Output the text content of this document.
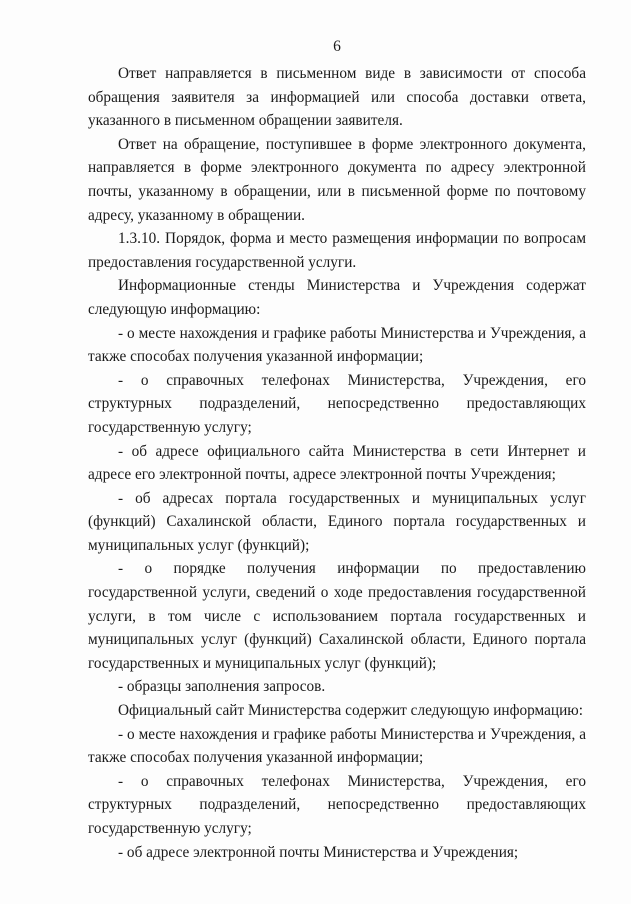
6

Ответ направляется в письменном виде в зависимости от способа обращения заявителя за информацией или способа доставки ответа, указанного в письменном обращении заявителя.

Ответ на обращение, поступившее в форме электронного документа, направляется в форме электронного документа по адресу электронной почты, указанному в обращении, или в письменной форме по почтовому адресу, указанному в обращении.

1.3.10. Порядок, форма и место размещения информации по вопросам предоставления государственной услуги.

Информационные стенды Министерства и Учреждения содержат следующую информацию:

- о месте нахождения и графике работы Министерства и Учреждения, а также способах получения указанной информации;

- о справочных телефонах Министерства, Учреждения, его структурных подразделений, непосредственно предоставляющих государственную услугу;

- об адресе официального сайта Министерства в сети Интернет и адресе его электронной почты, адресе электронной почты Учреждения;

- об адресах портала государственных и муниципальных услуг (функций) Сахалинской области, Единого портала государственных и муниципальных услуг (функций);

- о порядке получения информации по предоставлению государственной услуги, сведений о ходе предоставления государственной услуги, в том числе с использованием портала государственных и муниципальных услуг (функций) Сахалинской области, Единого портала государственных и муниципальных услуг (функций);

- образцы заполнения запросов.

Официальный сайт Министерства содержит следующую информацию:

- о месте нахождения и графике работы Министерства и Учреждения, а также способах получения указанной информации;

- о справочных телефонах Министерства, Учреждения, его структурных подразделений, непосредственно предоставляющих государственную услугу;

- об адресе электронной почты Министерства и Учреждения;
